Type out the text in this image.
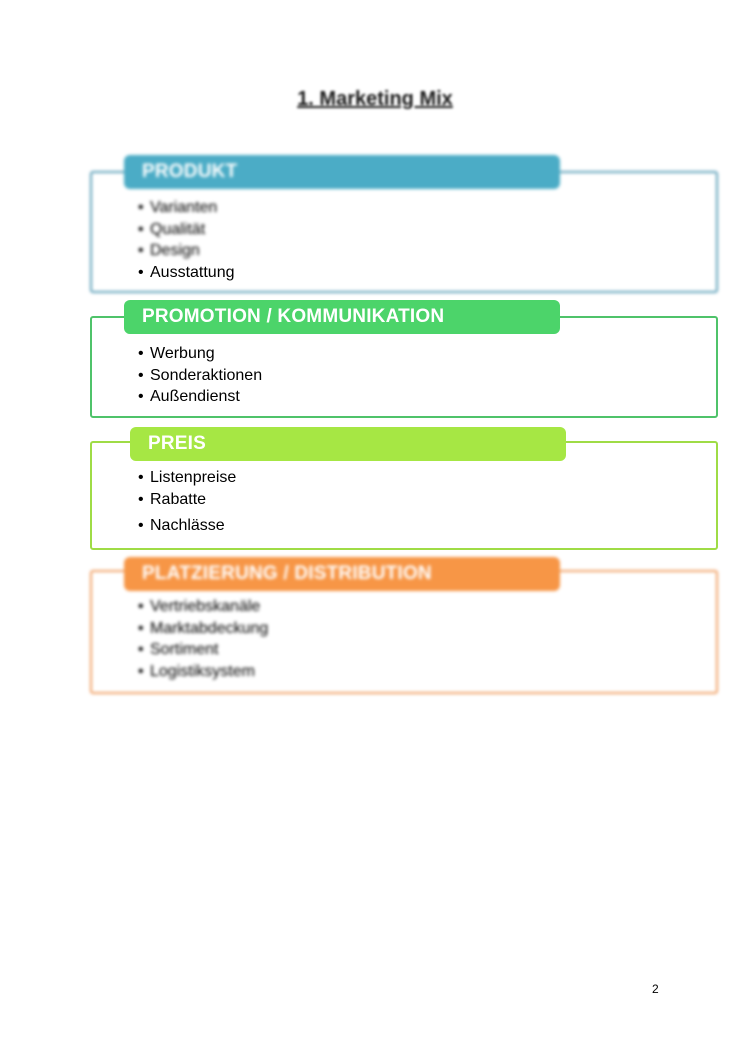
1. Marketing Mix
PRODUKT
• Varianten
• Qualität
• Design
• Ausstattung
PROMOTION / KOMMUNIKATION
• Werbung
• Sonderaktionen
• Außendienst
PREIS
• Listenpreise
• Rabatte
• Nachlässe
PLATZIERUNG / DISTRIBUTION
• Vertriebskanäle
• Marktabdeckung
• Sortiment
• Logistiksystem
2
